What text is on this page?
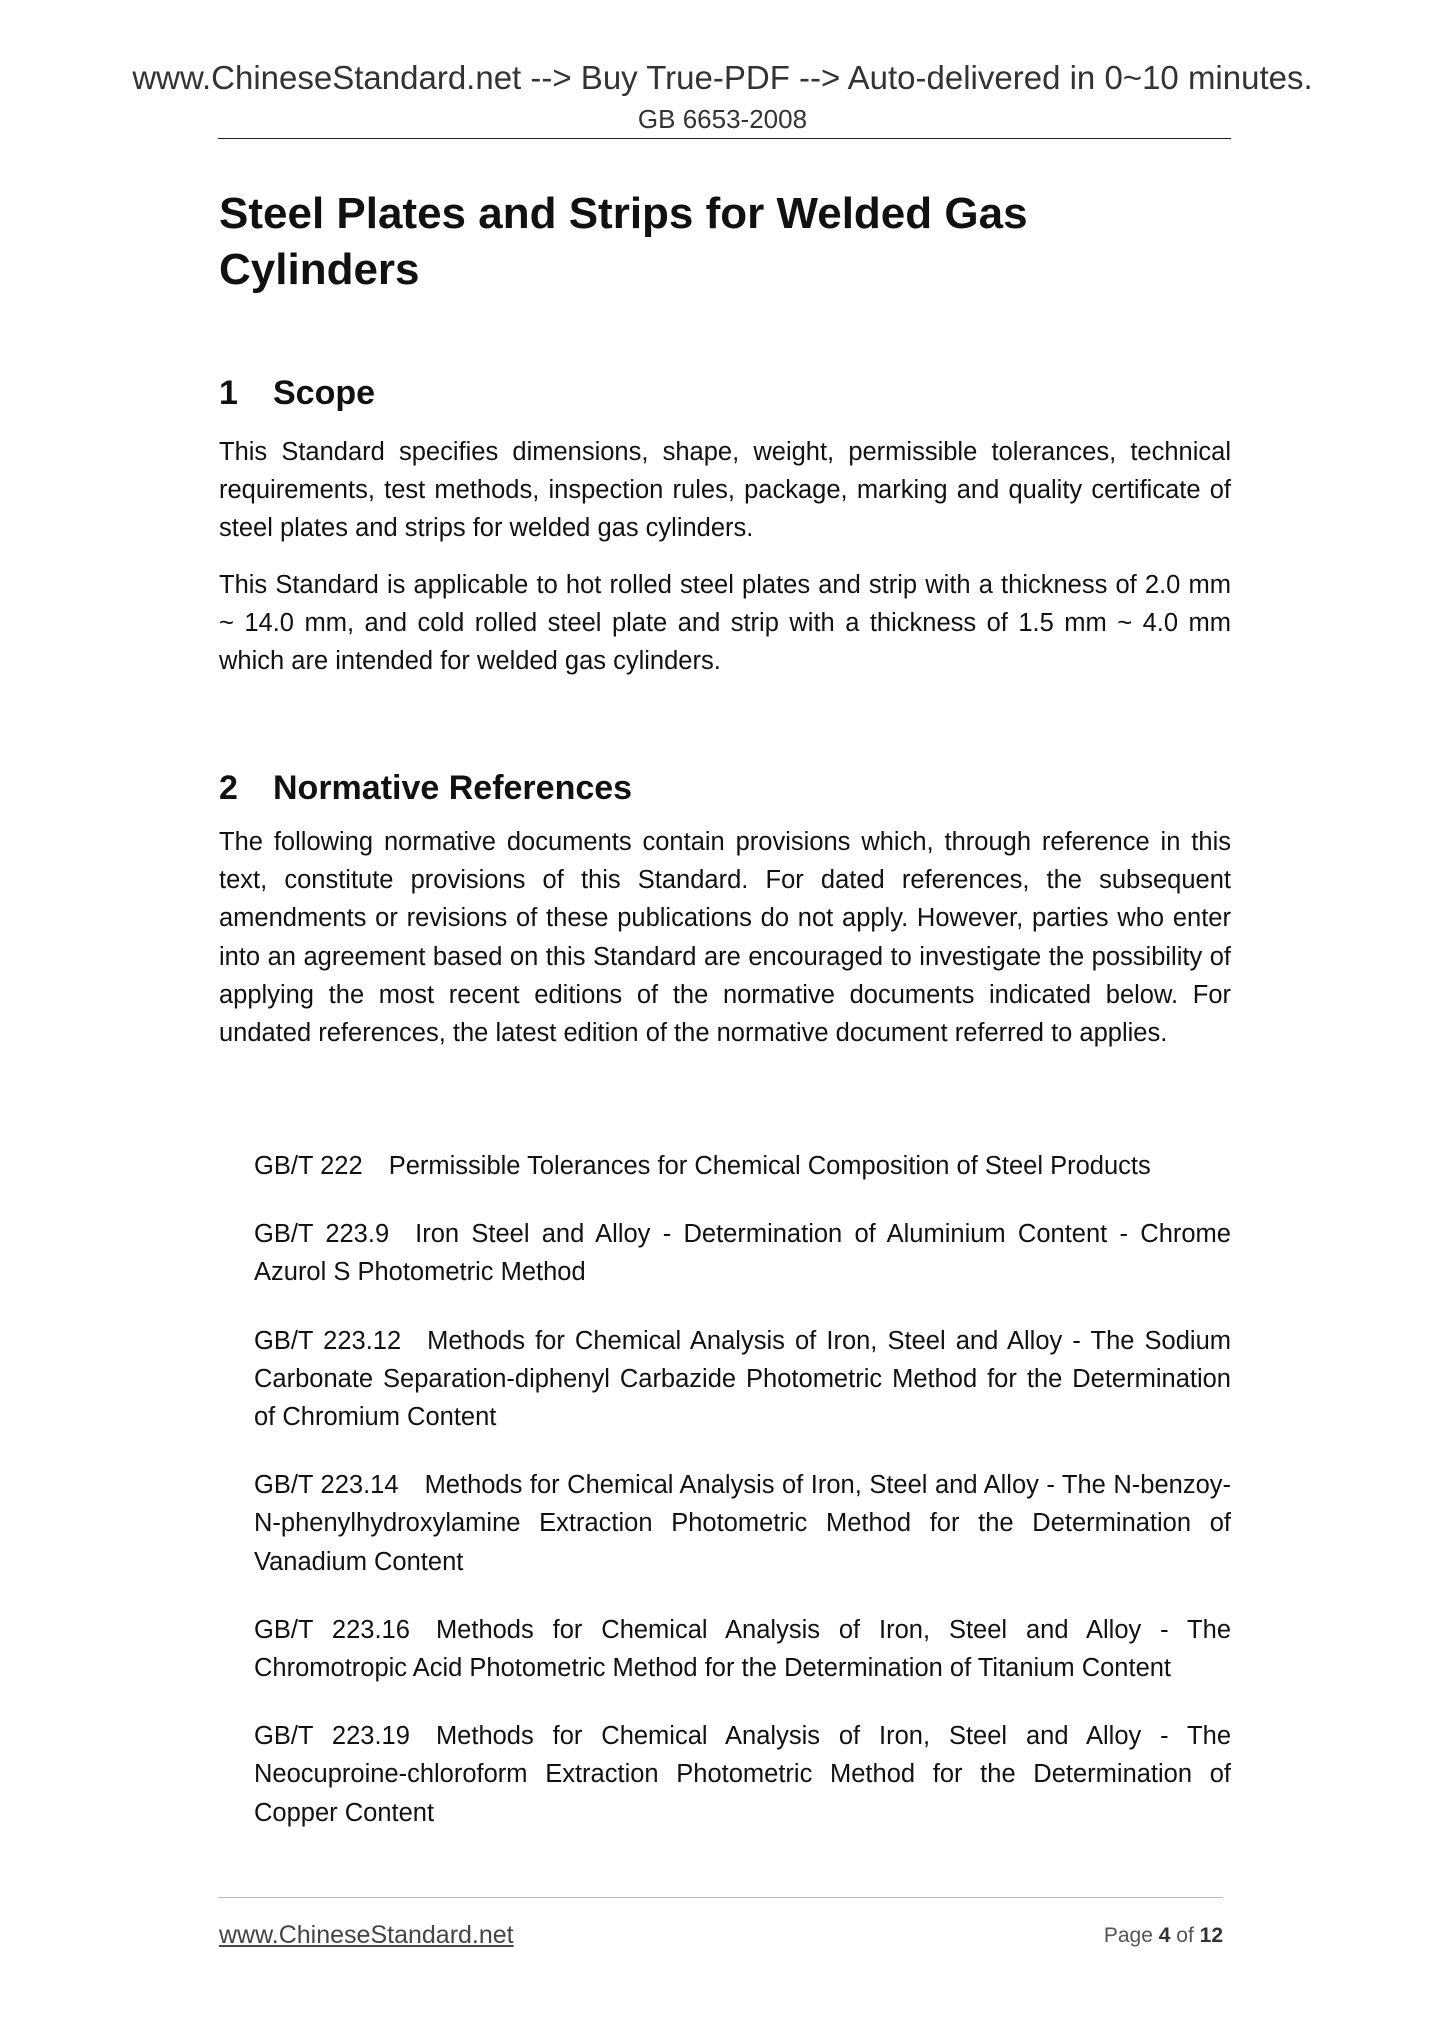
www.ChineseStandard.net --> Buy True-PDF --> Auto-delivered in 0~10 minutes.
GB 6653-2008
Steel Plates and Strips for Welded Gas Cylinders
1 Scope

This Standard specifies dimensions, shape, weight, permissible tolerances, technical requirements, test methods, inspection rules, package, marking and quality certificate of steel plates and strips for welded gas cylinders.

This Standard is applicable to hot rolled steel plates and strip with a thickness of 2.0 mm ~ 14.0 mm, and cold rolled steel plate and strip with a thickness of 1.5 mm ~ 4.0 mm which are intended for welded gas cylinders.

2 Normative References

The following normative documents contain provisions which, through reference in this text, constitute provisions of this Standard. For dated references, the subsequent amendments or revisions of these publications do not apply. However, parties who enter into an agreement based on this Standard are encouraged to investigate the possibility of applying the most recent editions of the normative documents indicated below. For undated references, the latest edition of the normative document referred to applies.

GB/T 222 Permissible Tolerances for Chemical Composition of Steel Products
GB/T 223.9 Iron Steel and Alloy - Determination of Aluminium Content - Chrome Azurol S Photometric Method
GB/T 223.12 Methods for Chemical Analysis of Iron, Steel and Alloy - The Sodium Carbonate Separation-diphenyl Carbazide Photometric Method for the Determination of Chromium Content
GB/T 223.14 Methods for Chemical Analysis of Iron, Steel and Alloy - The N-benzoy-N-phenylhydroxylamine Extraction Photometric Method for the Determination of Vanadium Content
GB/T 223.16 Methods for Chemical Analysis of Iron, Steel and Alloy - The Chromotropic Acid Photometric Method for the Determination of Titanium Content
GB/T 223.19 Methods for Chemical Analysis of Iron, Steel and Alloy - The Neocuproine-chloroform Extraction Photometric Method for the Determination of Copper Content
www.ChineseStandard.net	Page 4 of 12
